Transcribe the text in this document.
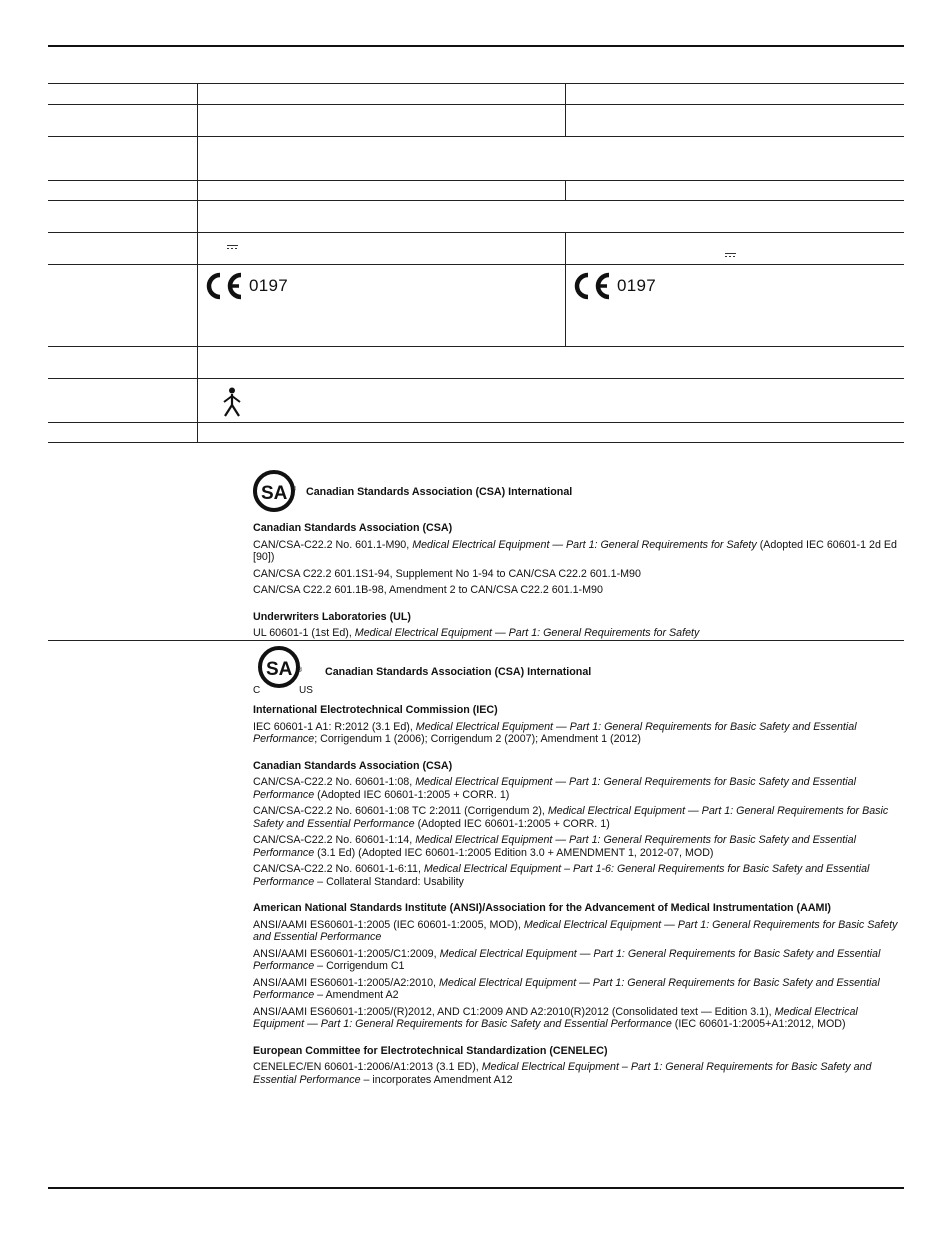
0197	0197
SA ® Canadian Standards Association (CSA) International
Canadian Standards Association (CSA)
CAN/CSA-C22.2 No. 601.1-M90, Medical Electrical Equipment — Part 1: General Requirements for Safety (Adopted IEC 60601-1 2d Ed [90])
CAN/CSA C22.2 601.1S1-94, Supplement No 1-94 to CAN/CSA C22.2 601.1-M90
CAN/CSA C22.2 601.1B-98, Amendment 2 to CAN/CSA C22.2 601.1-M90
Underwriters Laboratories (UL)
UL 60601-1 (1st Ed), Medical Electrical Equipment — Part 1: General Requirements for Safety
SA ®
C	US
Canadian Standards Association (CSA) International
International Electrotechnical Commission (IEC)
IEC 60601-1 A1: R:2012 (3.1 Ed), Medical Electrical Equipment — Part 1: General Requirements for Basic Safety and Essential Performance; Corrigendum 1 (2006); Corrigendum 2 (2007); Amendment 1 (2012)
Canadian Standards Association (CSA)
CAN/CSA-C22.2 No. 60601-1:08, Medical Electrical Equipment — Part 1: General Requirements for Basic Safety and Essential Performance (Adopted IEC 60601-1:2005 + CORR. 1)
CAN/CSA-C22.2 No. 60601-1:08 TC 2:2011 (Corrigendum 2), Medical Electrical Equipment — Part 1: General Requirements for Basic Safety and Essential Performance (Adopted IEC 60601-1:2005 + CORR. 1)
CAN/CSA-C22.2 No. 60601-1:14, Medical Electrical Equipment — Part 1: General Requirements for Basic Safety and Essential Performance (3.1 Ed) (Adopted IEC 60601-1:2005 Edition 3.0 + AMENDMENT 1, 2012-07, MOD)
CAN/CSA-C22.2 No. 60601-1-6:11, Medical Electrical Equipment – Part 1-6: General Requirements for Basic Safety and Essential Performance – Collateral Standard: Usability
American National Standards Institute (ANSI)/Association for the Advancement of Medical Instrumentation (AAMI)
ANSI/AAMI ES60601-1:2005 (IEC 60601-1:2005, MOD), Medical Electrical Equipment — Part 1: General Requirements for Basic Safety and Essential Performance
ANSI/AAMI ES60601-1:2005/C1:2009, Medical Electrical Equipment — Part 1: General Requirements for Basic Safety and Essential Performance – Corrigendum C1
ANSI/AAMI ES60601-1:2005/A2:2010, Medical Electrical Equipment — Part 1: General Requirements for Basic Safety and Essential Performance – Amendment A2
ANSI/AAMI ES60601-1:2005/(R)2012, AND C1:2009 AND A2:2010(R)2012 (Consolidated text — Edition 3.1), Medical Electrical Equipment — Part 1: General Requirements for Basic Safety and Essential Performance (IEC 60601-1:2005+A1:2012, MOD)
European Committee for Electrotechnical Standardization (CENELEC)
CENELEC/EN 60601-1:2006/A1:2013 (3.1 ED), Medical Electrical Equipment – Part 1: General Requirements for Basic Safety and Essential Performance – incorporates Amendment A12
